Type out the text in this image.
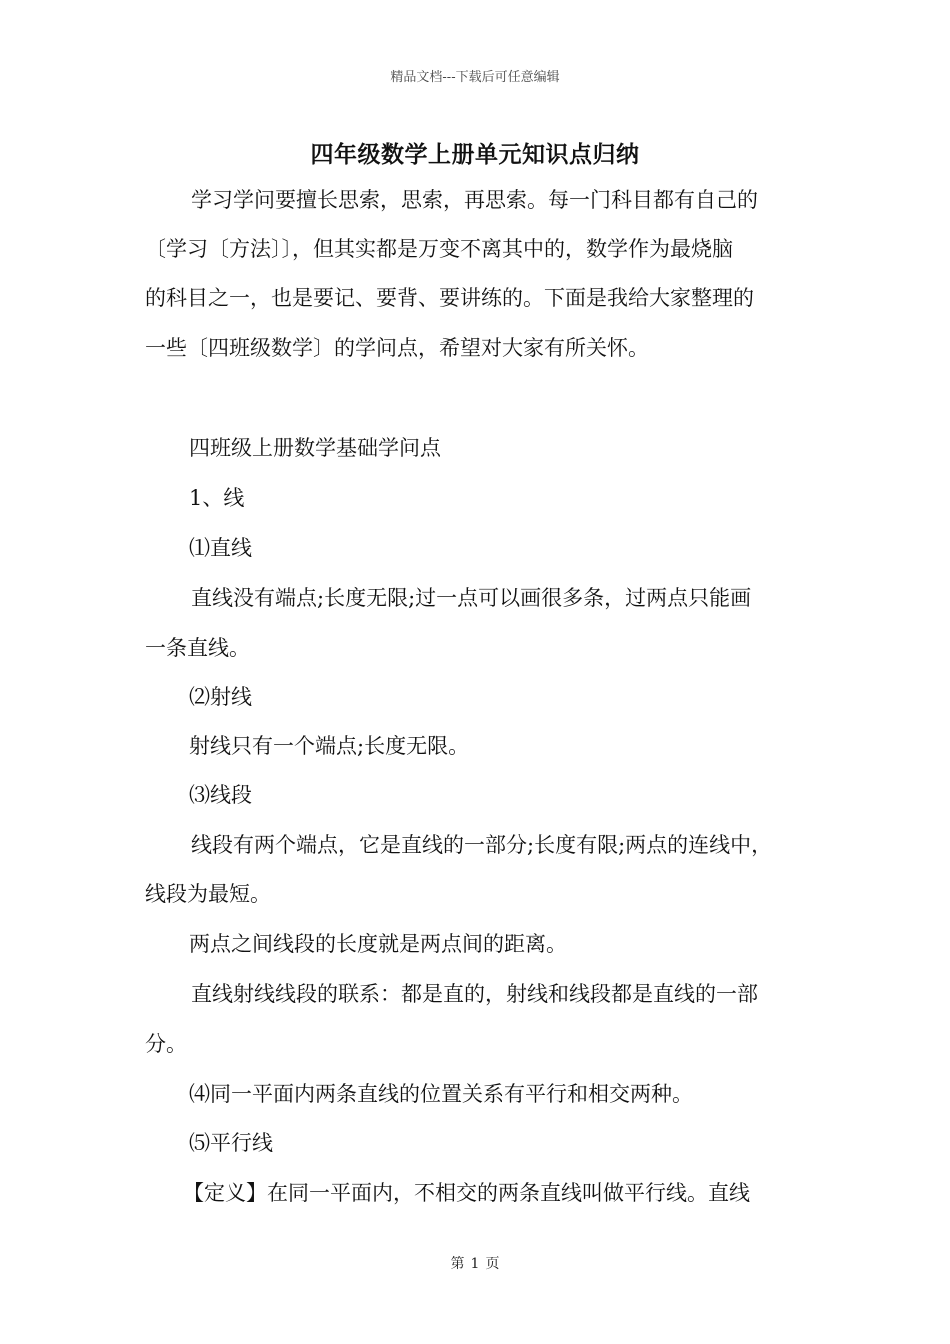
精品文档---下载后可任意编辑
四年级数学上册单元知识点归纳
学习学问要擅长思索，思索，再思索。每一门科目都有自己的
〔学习〔方法〕〕，但其实都是万变不离其中的，数学作为最烧脑
的科目之一，也是要记、要背、要讲练的。下面是我给大家整理的
一些〔四班级数学〕的学问点，希望对大家有所关怀。
四班级上册数学基础学问点
1、线
⑴直线
直线没有端点;长度无限;过一点可以画很多条，过两点只能画
一条直线。
⑵射线
射线只有一个端点;长度无限。
⑶线段
线段有两个端点，它是直线的一部分;长度有限;两点的连线中，
线段为最短。
两点之间线段的长度就是两点间的距离。
直线射线线段的联系：都是直的，射线和线段都是直线的一部
分。
⑷同一平面内两条直线的位置关系有平行和相交两种。
⑸平行线
【定义】在同一平面内，不相交的两条直线叫做平行线。直线
第 1 页
